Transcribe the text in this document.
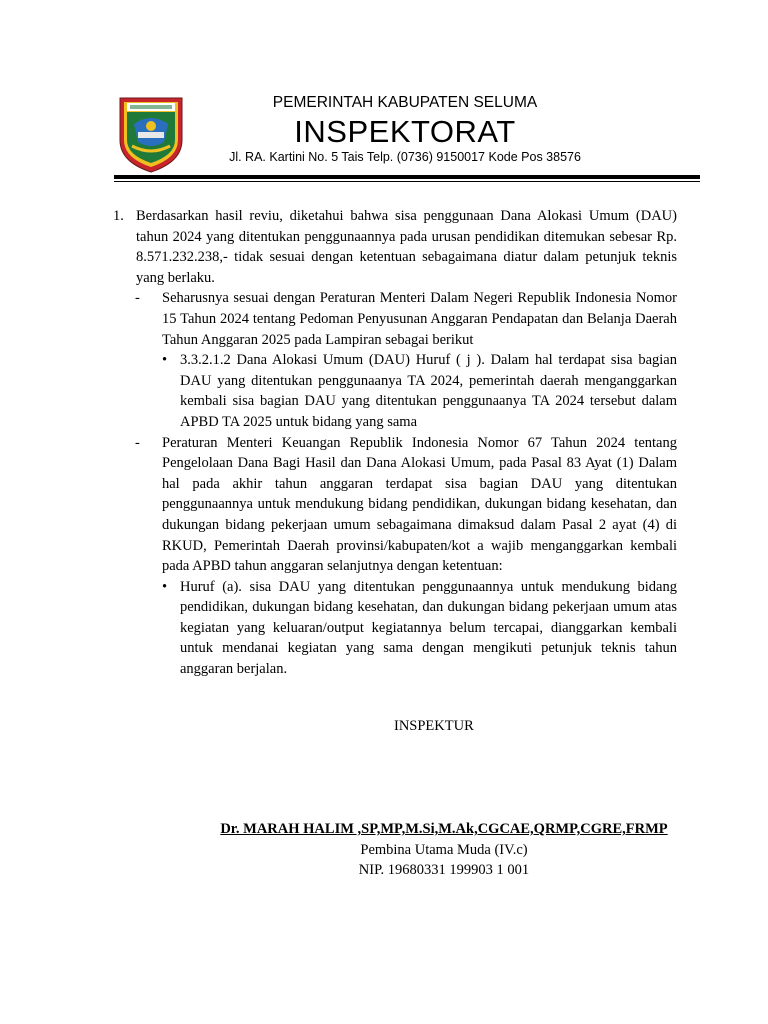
PEMERINTAH KABUPATEN SELUMA
INSPEKTORAT
Jl. RA. Kartini No. 5 Tais Telp. (0736) 9150017 Kode Pos 38576
1. Berdasarkan hasil reviu, diketahui bahwa sisa penggunaan Dana Alokasi Umum (DAU) tahun 2024 yang ditentukan penggunaannya pada urusan pendidikan ditemukan sebesar Rp. 8.571.232.238,- tidak sesuai dengan ketentuan sebagaimana diatur dalam petunjuk teknis yang berlaku.
- Seharusnya sesuai dengan Peraturan Menteri Dalam Negeri Republik Indonesia Nomor 15 Tahun 2024 tentang Pedoman Penyusunan Anggaran Pendapatan dan Belanja Daerah Tahun Anggaran 2025 pada Lampiran sebagai berikut
• 3.3.2.1.2 Dana Alokasi Umum (DAU) Huruf ( j ). Dalam hal terdapat sisa bagian DAU yang ditentukan penggunaanya TA 2024, pemerintah daerah menganggarkan kembali sisa bagian DAU yang ditentukan penggunaanya TA 2024 tersebut dalam APBD TA 2025 untuk bidang yang sama
- Peraturan Menteri Keuangan Republik Indonesia Nomor 67 Tahun 2024 tentang Pengelolaan Dana Bagi Hasil dan Dana Alokasi Umum, pada Pasal 83 Ayat (1) Dalam hal pada akhir tahun anggaran terdapat sisa bagian DAU yang ditentukan penggunaannya untuk mendukung bidang pendidikan, dukungan bidang kesehatan, dan dukungan bidang pekerjaan umum sebagaimana dimaksud dalam Pasal 2 ayat (4) di RKUD, Pemerintah Daerah provinsi/kabupaten/kot a wajib menganggarkan kembali pada APBD tahun anggaran selanjutnya dengan ketentuan:
• Huruf (a). sisa DAU yang ditentukan penggunaannya untuk mendukung bidang pendidikan, dukungan bidang kesehatan, dan dukungan bidang pekerjaan umum atas kegiatan yang keluaran/output kegiatannya belum tercapai, dianggarkan kembali untuk mendanai kegiatan yang sama dengan mengikuti petunjuk teknis tahun anggaran berjalan.
INSPEKTUR
Dr. MARAH HALIM ,SP,MP,M.Si,M.Ak,CGCAE,QRMP,CGRE,FRMP
Pembina Utama Muda (IV.c)
NIP. 19680331 199903 1 001
